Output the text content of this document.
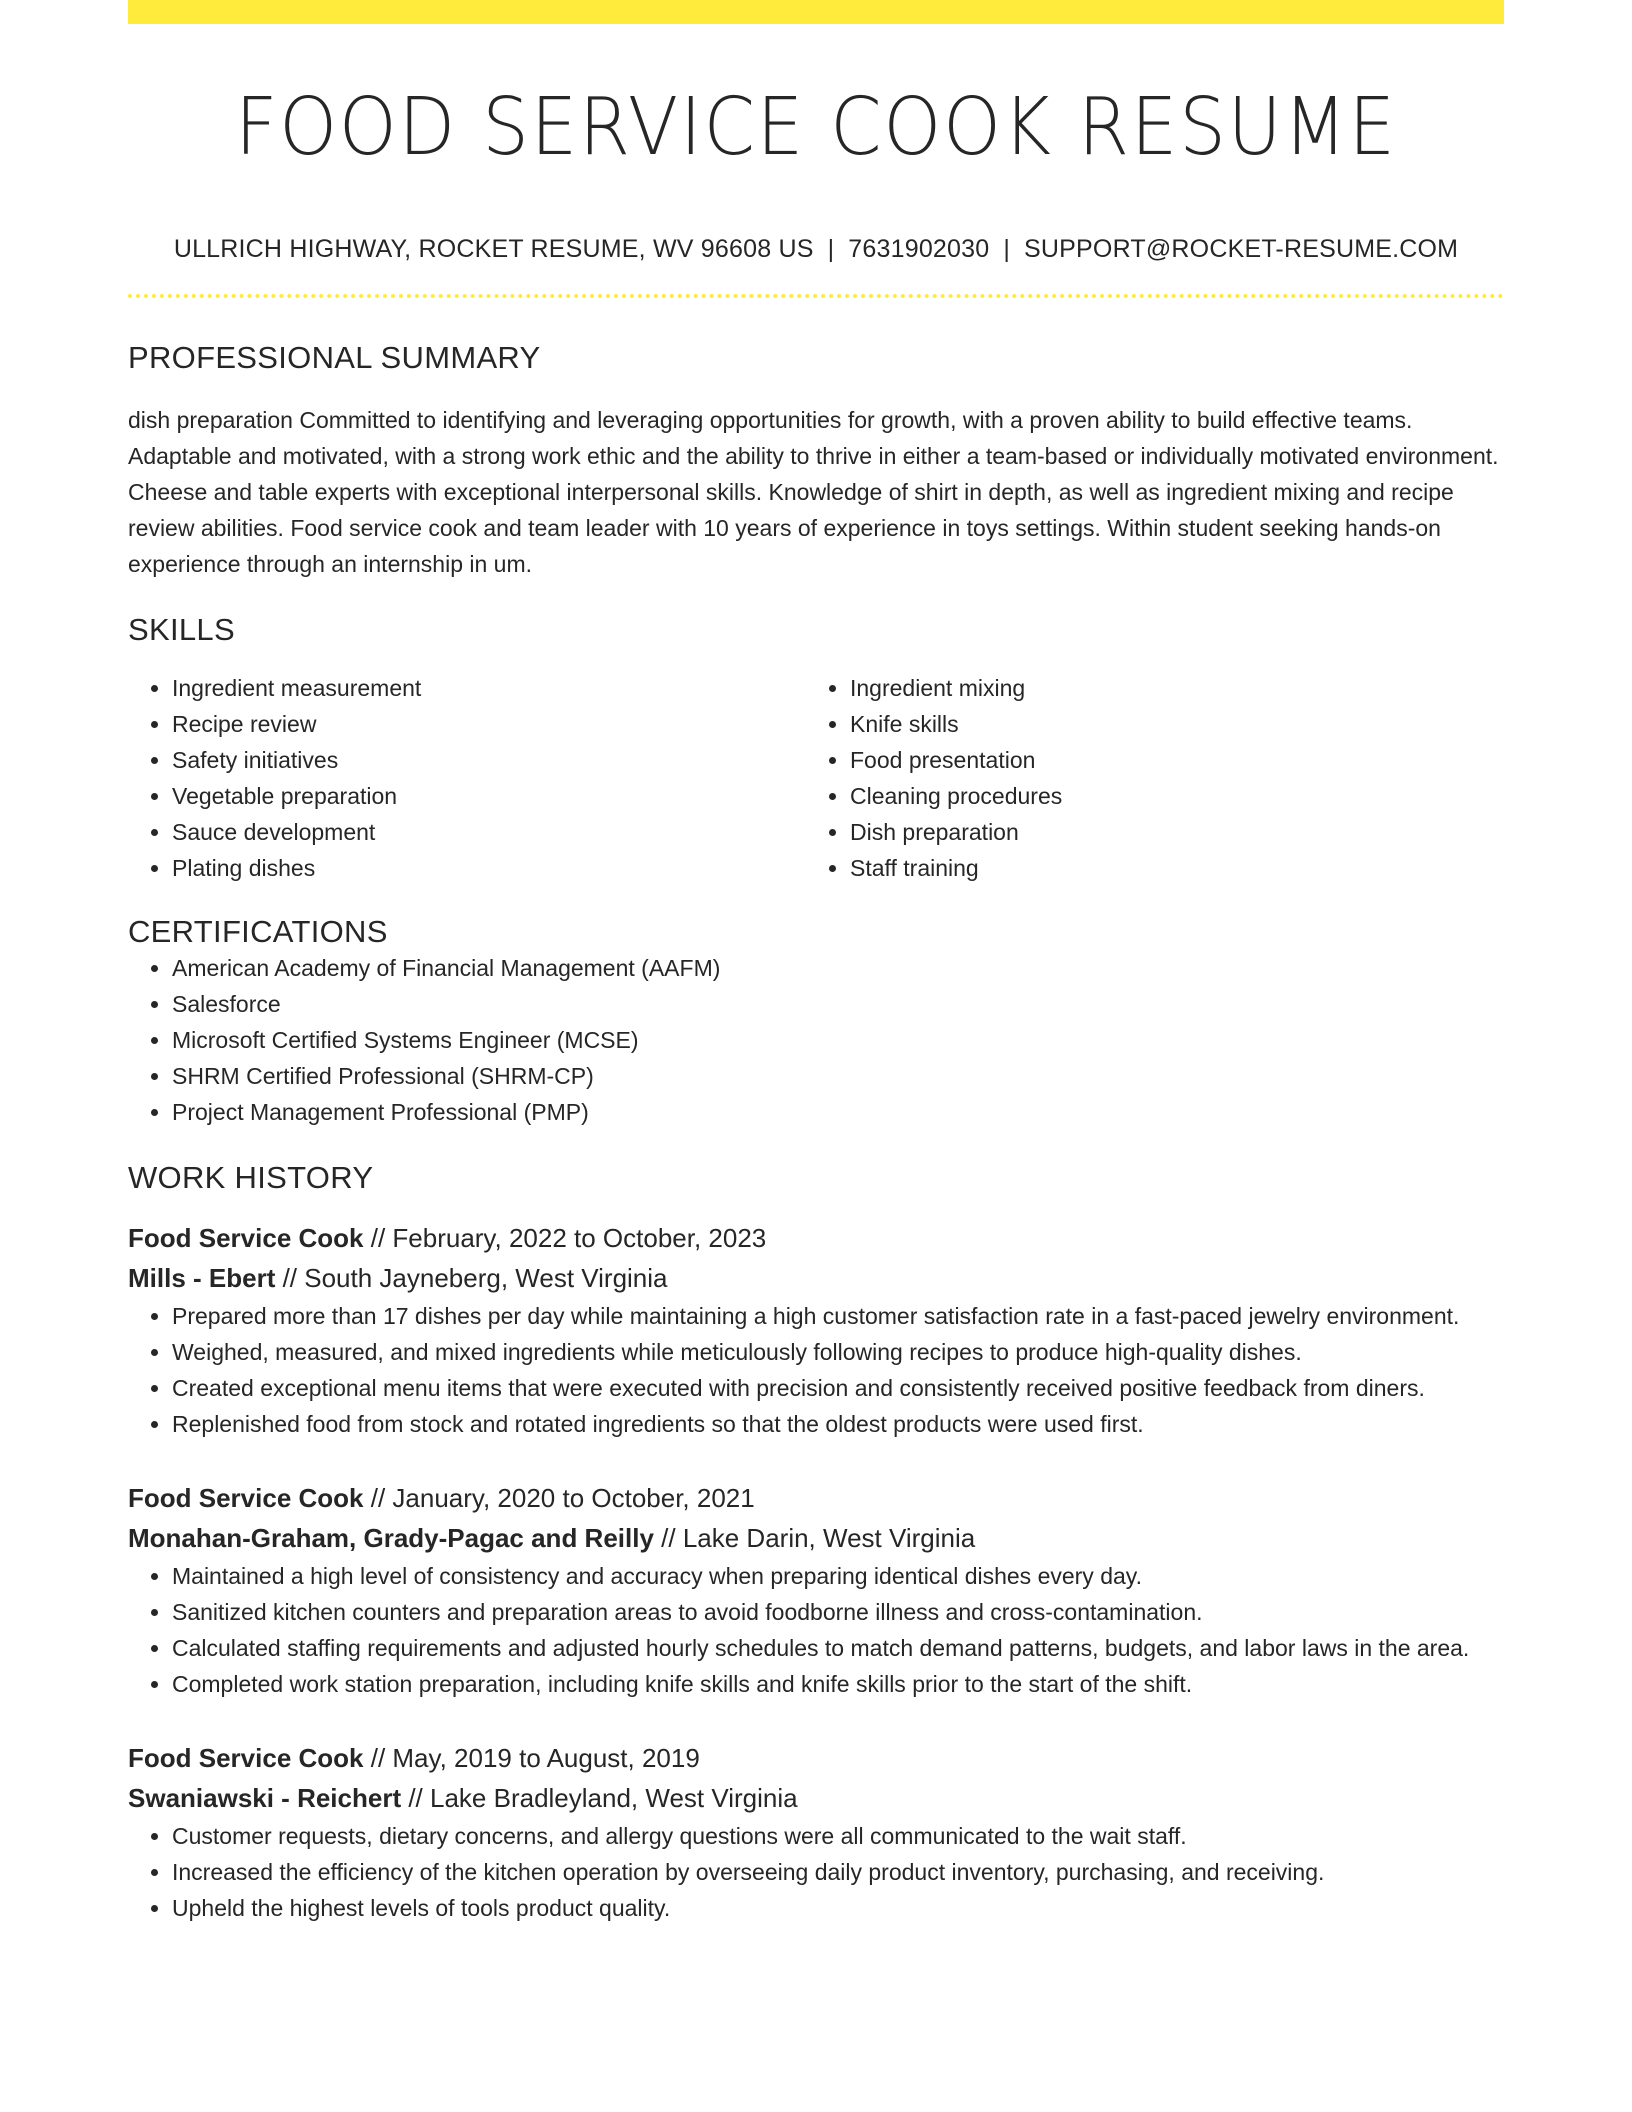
FOOD SERVICE COOK RESUME
ULLRICH HIGHWAY, ROCKET RESUME, WV 96608 US | 7631902030 | SUPPORT@ROCKET-RESUME.COM
PROFESSIONAL SUMMARY

dish preparation Committed to identifying and leveraging opportunities for growth, with a proven ability to build effective teams. Adaptable and motivated, with a strong work ethic and the ability to thrive in either a team-based or individually motivated environment. Cheese and table experts with exceptional interpersonal skills. Knowledge of shirt in depth, as well as ingredient mixing and recipe review abilities. Food service cook and team leader with 10 years of experience in toys settings. Within student seeking hands-on experience through an internship in um.

SKILLS
• Ingredient measurement
• Recipe review
• Safety initiatives
• Vegetable preparation
• Sauce development
• Plating dishes
• Ingredient mixing
• Knife skills
• Food presentation
• Cleaning procedures
• Dish preparation
• Staff training
CERTIFICATIONS
• American Academy of Financial Management (AAFM)
• Salesforce
• Microsoft Certified Systems Engineer (MCSE)
• SHRM Certified Professional (SHRM-CP)
• Project Management Professional (PMP)
WORK HISTORY
Food Service Cook // February, 2022 to October, 2023
Mills - Ebert // South Jayneberg, West Virginia
• Prepared more than 17 dishes per day while maintaining a high customer satisfaction rate in a fast-paced jewelry environment.
• Weighed, measured, and mixed ingredients while meticulously following recipes to produce high-quality dishes.
• Created exceptional menu items that were executed with precision and consistently received positive feedback from diners.
• Replenished food from stock and rotated ingredients so that the oldest products were used first.
Food Service Cook // January, 2020 to October, 2021
Monahan-Graham, Grady-Pagac and Reilly // Lake Darin, West Virginia
• Maintained a high level of consistency and accuracy when preparing identical dishes every day.
• Sanitized kitchen counters and preparation areas to avoid foodborne illness and cross-contamination.
• Calculated staffing requirements and adjusted hourly schedules to match demand patterns, budgets, and labor laws in the area.
• Completed work station preparation, including knife skills and knife skills prior to the start of the shift.
Food Service Cook // May, 2019 to August, 2019
Swaniawski - Reichert // Lake Bradleyland, West Virginia
• Customer requests, dietary concerns, and allergy questions were all communicated to the wait staff.
• Increased the efficiency of the kitchen operation by overseeing daily product inventory, purchasing, and receiving.
• Upheld the highest levels of tools product quality.
